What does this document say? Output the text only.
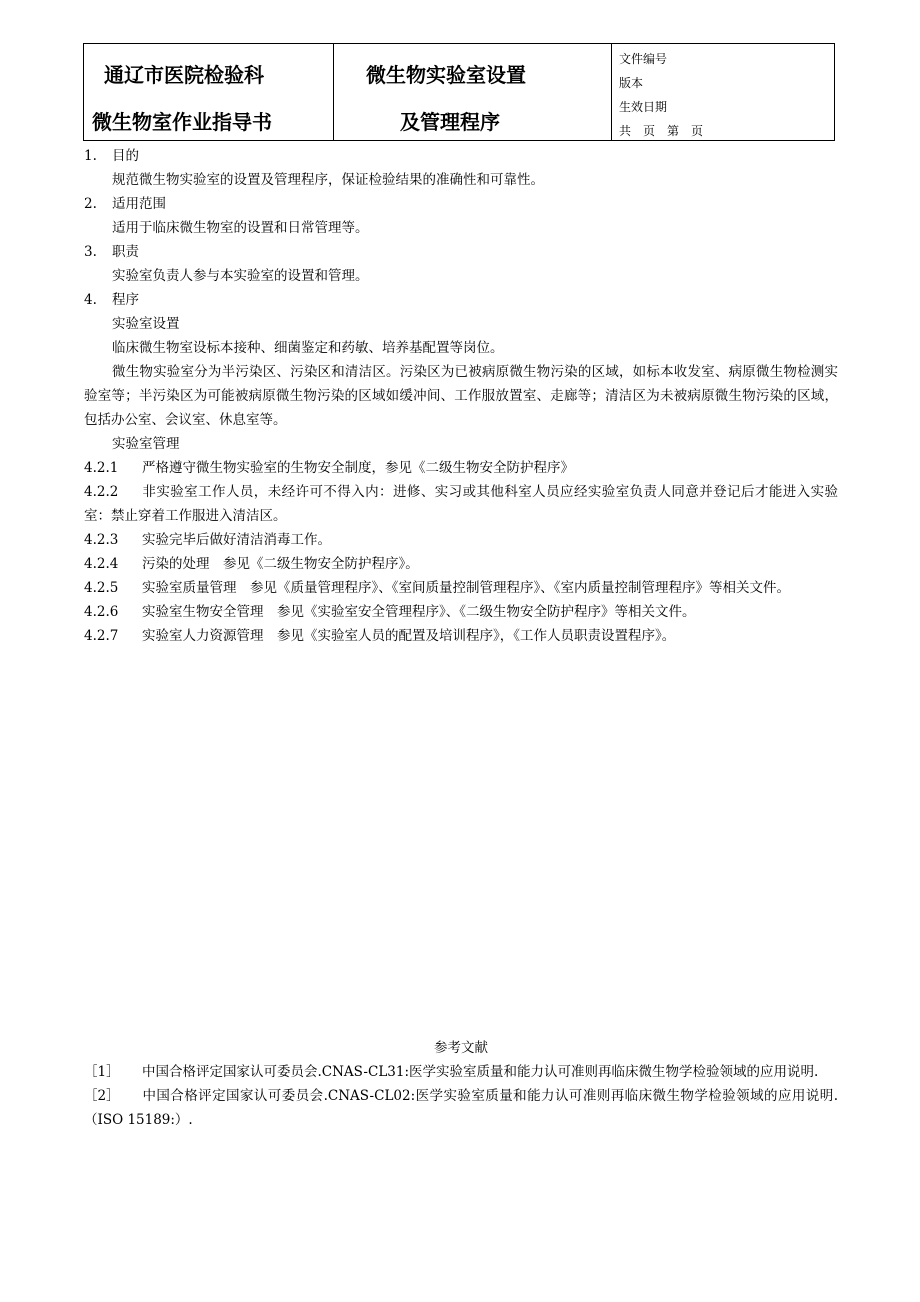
通辽市医院检验科
微生物室作业指导书
微生物实验室设置
及管理程序
文件编号
版本
生效日期
共　页　第　页
1. 目的
规范微生物实验室的设置及管理程序，保证检验结果的准确性和可靠性。
2. 适用范围
适用于临床微生物室的设置和日常管理等。
3. 职责
实验室负责人参与本实验室的设置和管理。
4. 程序
实验室设置
临床微生物室设标本接种、细菌鉴定和药敏、培养基配置等岗位。
微生物实验室分为半污染区、污染区和清洁区。污染区为已被病原微生物污染的区域，如标本收发室、病原微生物检测实验室等；半污染区为可能被病原微生物污染的区域如缓冲间、工作服放置室、走廊等；清洁区为未被病原微生物污染的区域，包括办公室、会议室、休息室等。
实验室管理
4.2.1 严格遵守微生物实验室的生物安全制度，参见《二级生物安全防护程序》
4.2.2 非实验室工作人员，未经许可不得入内：进修、实习或其他科室人员应经实验室负责人同意并登记后才能进入实验室：禁止穿着工作服进入清洁区。
4.2.3 实验完毕后做好清洁消毒工作。
4.2.4 污染的处理　参见《二级生物安全防护程序》。
4.2.5 实验室质量管理　参见《质量管理程序》、《室间质量控制管理程序》、《室内质量控制管理程序》等相关文件。
4.2.6 实验室生物安全管理　参见《实验室安全管理程序》、《二级生物安全防护程序》等相关文件。
4.2.7 实验室人力资源管理　参见《实验室人员的配置及培训程序》，《工作人员职责设置程序》。
参考文献
［1］ 中国合格评定国家认可委员会.CNAS-CL31:医学实验室质量和能力认可准则再临床微生物学检验领域的应用说明.
［2］ 中国合格评定国家认可委员会.CNAS-CL02:医学实验室质量和能力认可准则再临床微生物学检验领域的应用说明.（ISO 15189:）.
